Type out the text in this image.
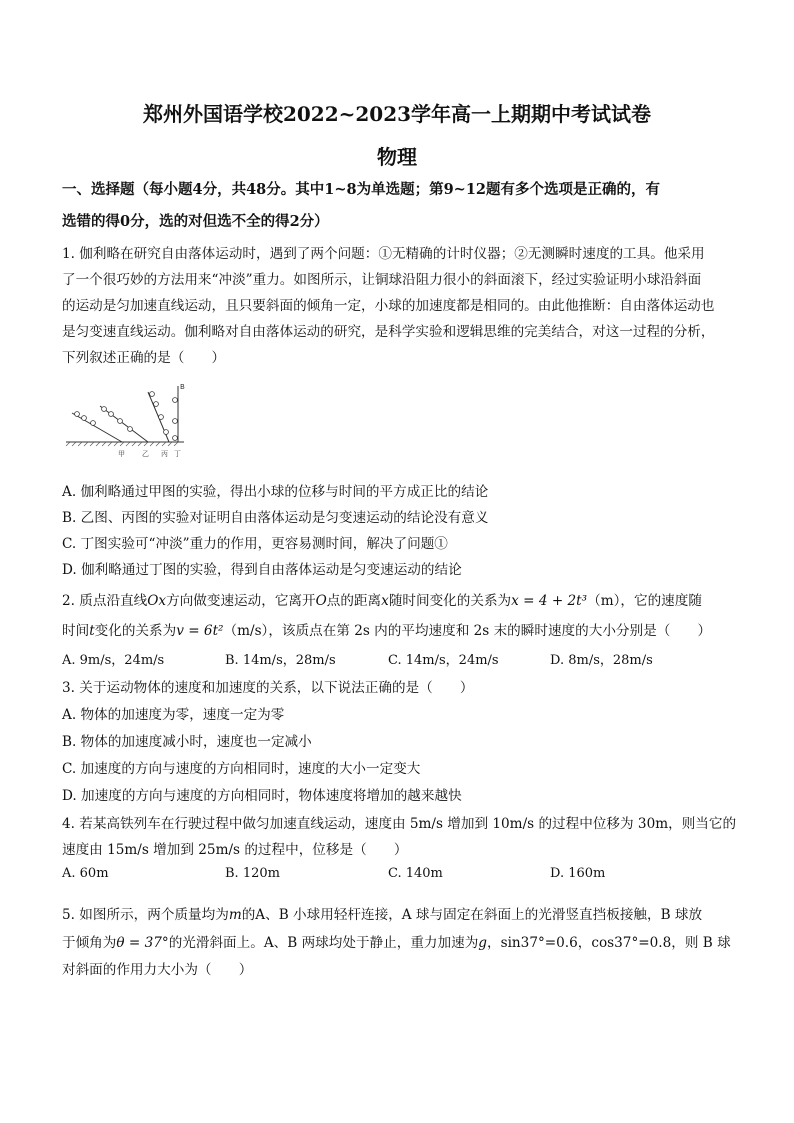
郑州外国语学校2022~2023学年高一上期期中考试试卷
物理
一、选择题（每小题4分，共48分。其中1~8为单选题；第9~12题有多个选项是正确的，有
选错的得0分，选的对但选不全的得2分）
1. 伽利略在研究自由落体运动时，遇到了两个问题：①无精确的计时仪器；②无测瞬时速度的工具。他采用
了一个很巧妙的方法用来“冲淡”重力。如图所示，让铜球沿阻力很小的斜面滚下，经过实验证明小球沿斜面
的运动是匀加速直线运动，且只要斜面的倾角一定，小球的加速度都是相同的。由此他推断：自由落体运动也
是匀变速直线运动。伽利略对自由落体运动的研究，是科学实验和逻辑思维的完美结合，对这一过程的分析，
下列叙述正确的是（　　）
B
甲 乙 丙 丁
A. 伽利略通过甲图的实验，得出小球的位移与时间的平方成正比的结论
B. 乙图、丙图的实验对证明自由落体运动是匀变速运动的结论没有意义
C. 丁图实验可“冲淡”重力的作用，更容易测时间，解决了问题①
D. 伽利略通过丁图的实验，得到自由落体运动是匀变速运动的结论
2. 质点沿直线Ox方向做变速运动，它离开O点的距离x随时间变化的关系为x = 4 + 2t³（m），它的速度随
时间t变化的关系为v = 6t²（m/s），该质点在第 2s 内的平均速度和 2s 末的瞬时速度的大小分别是（　　）
A. 9m/s，24m/s	B. 14m/s，28m/s	C. 14m/s，24m/s	D. 8m/s，28m/s
3. 关于运动物体的速度和加速度的关系，以下说法正确的是（　　）
A. 物体的加速度为零，速度一定为零
B. 物体的加速度减小时，速度也一定减小
C. 加速度的方向与速度的方向相同时，速度的大小一定变大
D. 加速度的方向与速度的方向相同时，物体速度将增加的越来越快
4. 若某高铁列车在行驶过程中做匀加速直线运动，速度由 5m/s 增加到 10m/s 的过程中位移为 30m，则当它的
速度由 15m/s 增加到 25m/s 的过程中，位移是（　　）
A. 60m	B. 120m	C. 140m	D. 160m
5. 如图所示，两个质量均为m的A、B 小球用轻杆连接，A 球与固定在斜面上的光滑竖直挡板接触，B 球放
于倾角为θ = 37°的光滑斜面上。A、B 两球均处于静止，重力加速为g，sin37°=0.6，cos37°=0.8，则 B 球
对斜面的作用力大小为（　　）
